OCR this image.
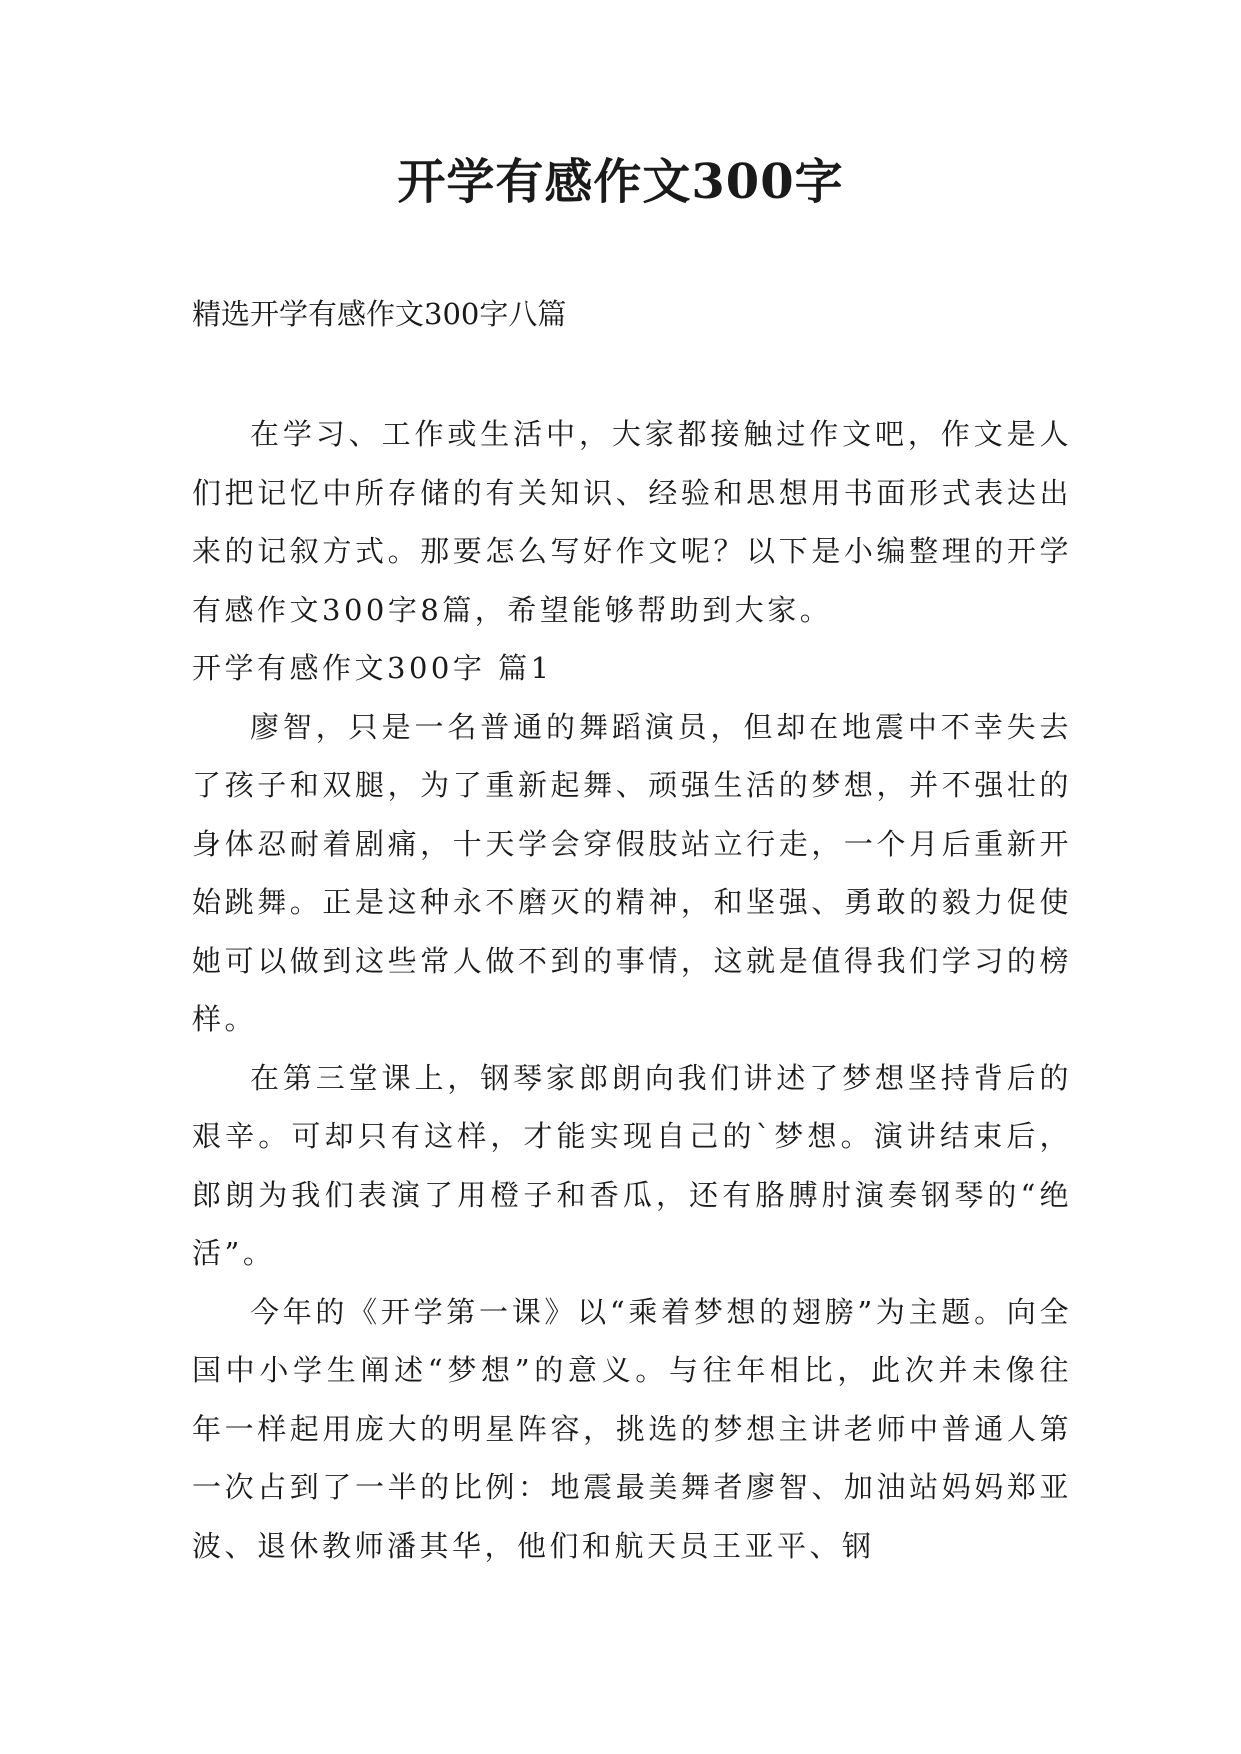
开学有感作文300字
精选开学有感作文300字八篇

在学习、工作或生活中，大家都接触过作文吧，作文是人们把记忆中所存储的有关知识、经验和思想用书面形式表达出来的记叙方式。那要怎么写好作文呢？以下是小编整理的开学有感作文300字8篇，希望能够帮助到大家。

开学有感作文300字 篇1

廖智，只是一名普通的舞蹈演员，但却在地震中不幸失去了孩子和双腿，为了重新起舞、顽强生活的梦想，并不强壮的身体忍耐着剧痛，十天学会穿假肢站立行走，一个月后重新开始跳舞。正是这种永不磨灭的精神，和坚强、勇敢的毅力促使她可以做到这些常人做不到的事情，这就是值得我们学习的榜样。

在第三堂课上，钢琴家郎朗向我们讲述了梦想坚持背后的艰辛。可却只有这样，才能实现自己的`梦想。演讲结束后，郎朗为我们表演了用橙子和香瓜，还有胳膊肘演奏钢琴的“绝活”。

今年的《开学第一课》以“乘着梦想的翅膀”为主题。向全国中小学生阐述“梦想”的意义。与往年相比，此次并未像往年一样起用庞大的明星阵容，挑选的梦想主讲老师中普通人第一次占到了一半的比例：地震最美舞者廖智、加油站妈妈郑亚波、退休教师潘其华，他们和航天员王亚平、钢
